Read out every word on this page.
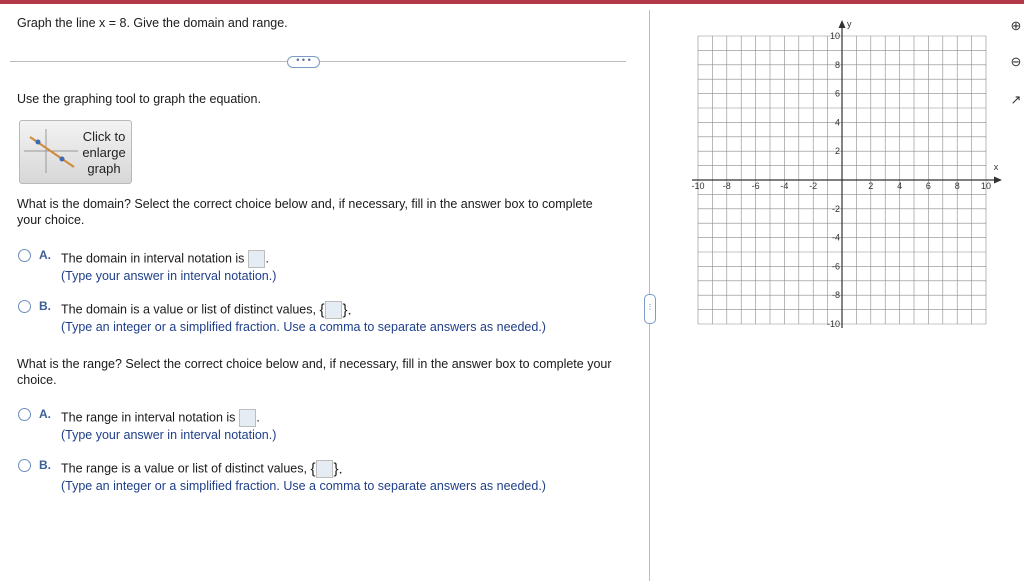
Graph the line x = 8. Give the domain and range.
• • •
Use the graphing tool to graph the equation.
Click to
enlarge
graph
What is the domain? Select the correct choice below and, if necessary, fill in the answer box to complete your choice.
A. The domain in interval notation is .
(Type your answer in interval notation.)
B. The domain is a value or list of distinct values, { }.
(Type an integer or a simplified fraction. Use a comma to separate answers as needed.)
What is the range? Select the correct choice below and, if necessary, fill in the answer box to complete your choice.
A. The range in interval notation is .
(Type your answer in interval notation.)
B. The range is a value or list of distinct values, { }.
(Type an integer or a simplified fraction. Use a comma to separate answers as needed.)
⋮
x
y
-10 -8 -6 -4 -2	2	4	6	8 10
10
8
6
4
2
-2
-4
-6
-8
-10
⊕
⊖
↗
